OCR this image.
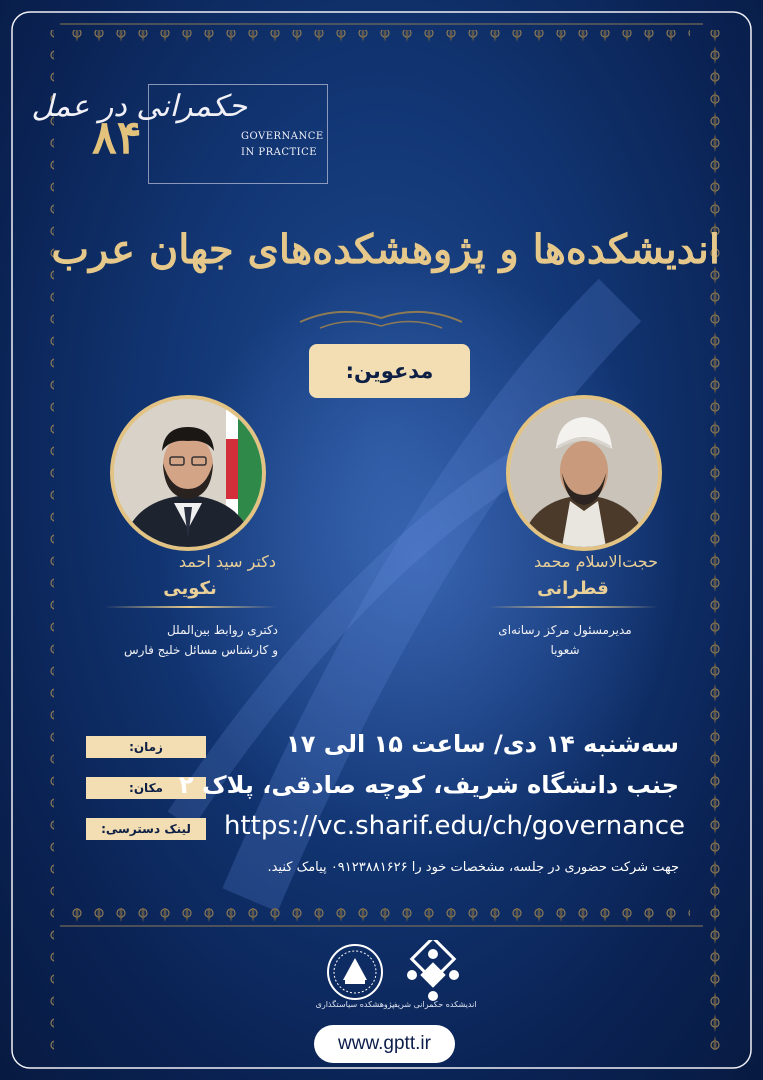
۸۴
حکمرانی در عمل
GOVERNANCE
IN PRACTICE
اندیشکده‌ها و پژوهشکده‌های جهان عرب
مدعوین:
حجت‌الاسلام محمد
قطرانی
مدیرمسئول مرکز رسانه‌ای
شعوبا
دکتر سید احمد
نکویی
دکتری روابط بین‌الملل
و کارشناس مسائل خلیج فارس
زمان:	سه‌شنبه ۱۴ دی/ ساعت ۱۵ الی ۱۷
مکان: جنب دانشگاه شریف، کوچه صادقی، پلاک ۲
لینک دسترسی:	https://vc.sharif.edu/ch/governance
جهت شرکت حضوری در جلسه، مشخصات خود را ۰۹۱۲۳۸۸۱۶۲۶ پیامک کنید.
اندیشکده حکمرانی شریف
پژوهشکده سیاستگذاری
www.gptt.ir
